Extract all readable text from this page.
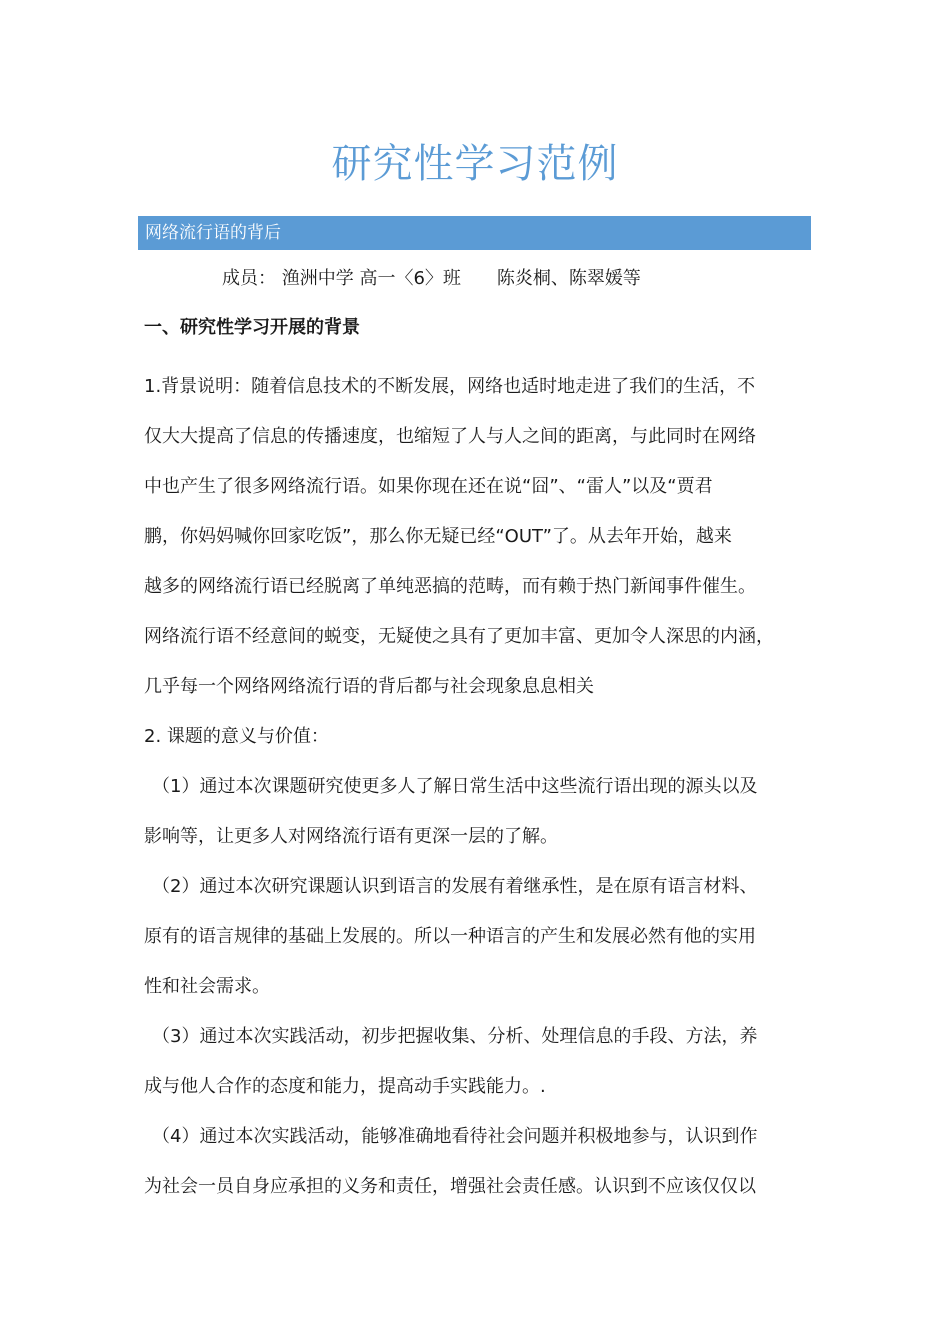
研究性学习范例
网络流行语的背后
成员： 渔洲中学 高一〈6〉班 陈炎桐、陈翠媛等

一、研究性学习开展的背景

1.背景说明：随着信息技术的不断发展，网络也适时地走进了我们的生活，不

仅大大提高了信息的传播速度，也缩短了人与人之间的距离，与此同时在网络

中也产生了很多网络流行语。如果你现在还在说“囧”、“雷人”以及“贾君

鹏，你妈妈喊你回家吃饭”，那么你无疑已经“OUT”了。从去年开始，越来

越多的网络流行语已经脱离了单纯恶搞的范畴，而有赖于热门新闻事件催生。

网络流行语不经意间的蜕变，无疑使之具有了更加丰富、更加令人深思的内涵，

几乎每一个网络网络流行语的背后都与社会现象息息相关

2. 课题的意义与价值：

（1）通过本次课题研究使更多人了解日常生活中这些流行语出现的源头以及

影响等，让更多人对网络流行语有更深一层的了解。

（2）通过本次研究课题认识到语言的发展有着继承性，是在原有语言材料、

原有的语言规律的基础上发展的。所以一种语言的产生和发展必然有他的实用

性和社会需求。

（3）通过本次实践活动，初步把握收集、分析、处理信息的手段、方法，养

成与他人合作的态度和能力，提高动手实践能力。.

（4）通过本次实践活动，能够准确地看待社会问题并积极地参与，认识到作

为社会一员自身应承担的义务和责任，增强社会责任感。认识到不应该仅仅以
